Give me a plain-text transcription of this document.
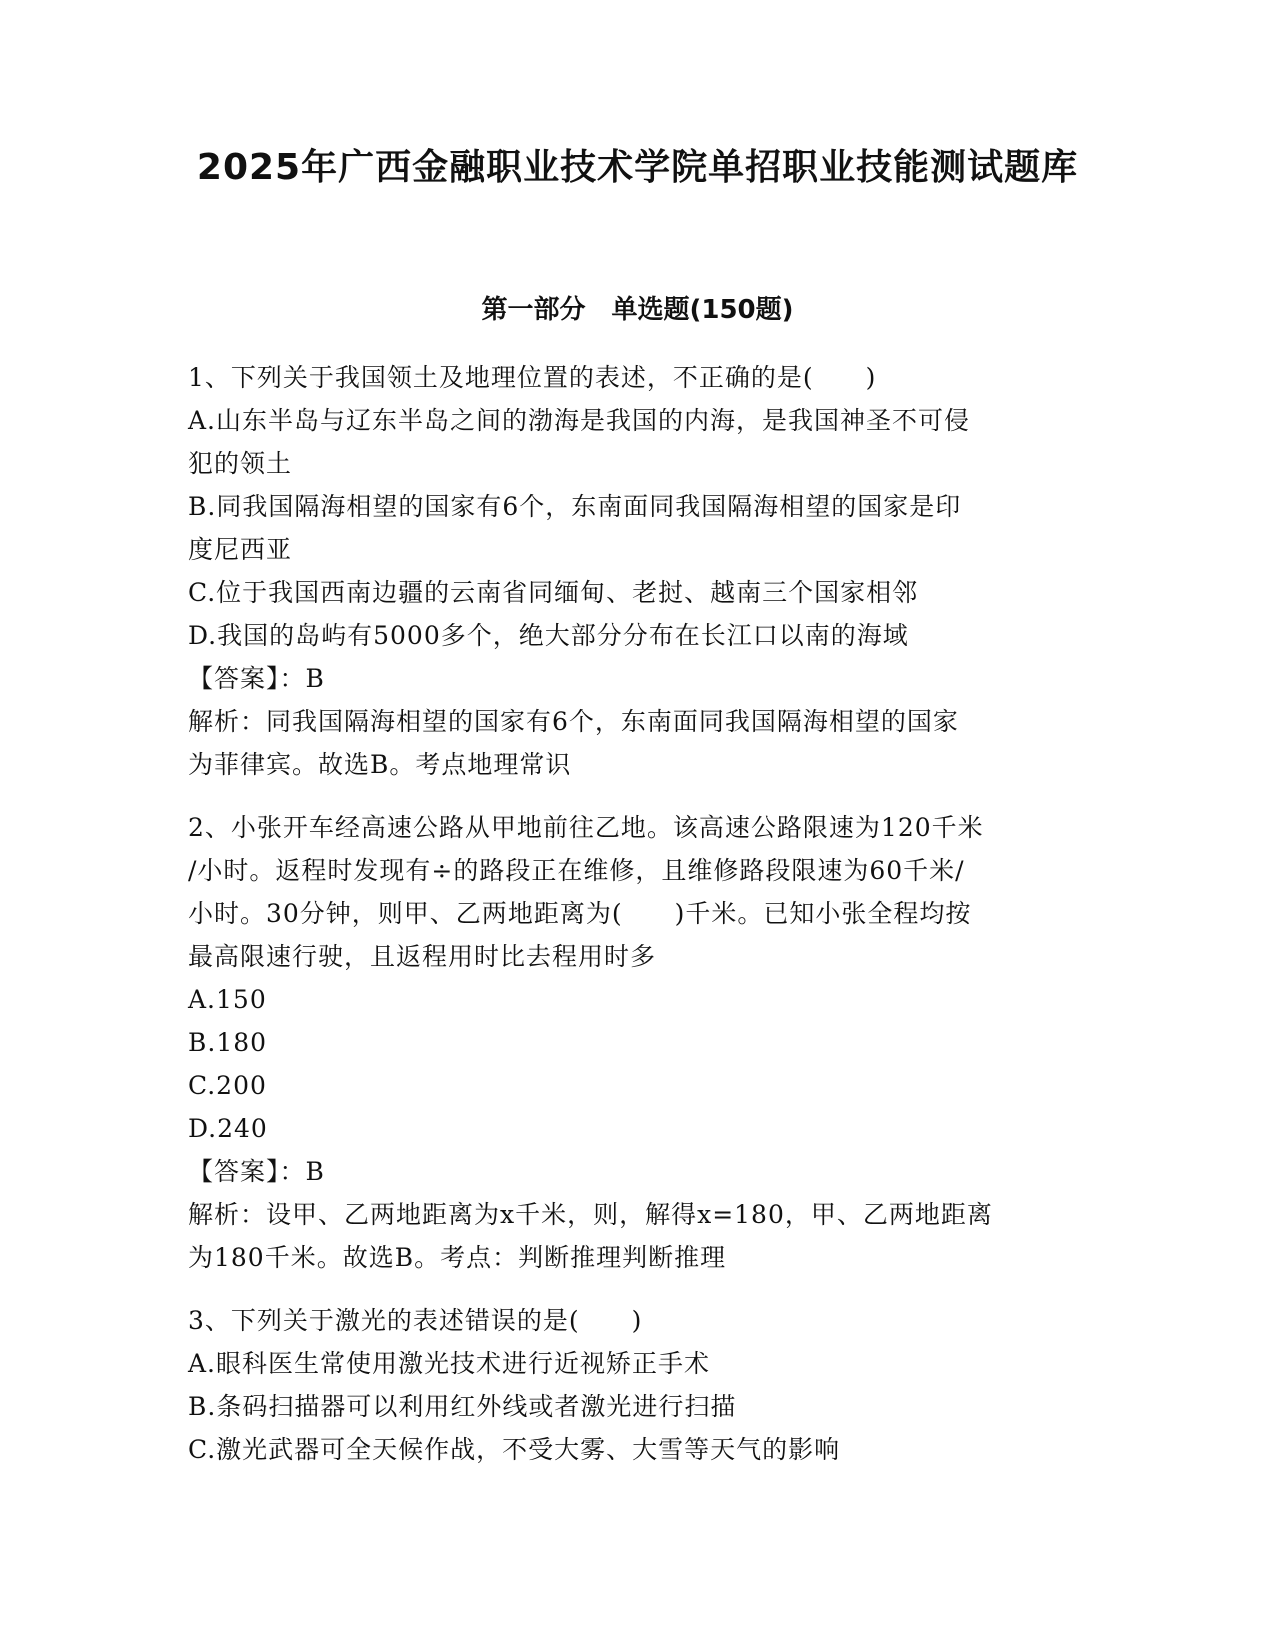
2025年广西金融职业技术学院单招职业技能测试题库
第一部分　单选题(150题)
1、下列关于我国领土及地理位置的表述，不正确的是(　　)
A.山东半岛与辽东半岛之间的渤海是我国的内海，是我国神圣不可侵
犯的领土
B.同我国隔海相望的国家有6个，东南面同我国隔海相望的国家是印
度尼西亚
C.位于我国西南边疆的云南省同缅甸、老挝、越南三个国家相邻
D.我国的岛屿有5000多个，绝大部分分布在长江口以南的海域
【答案】：B
解析：同我国隔海相望的国家有6个，东南面同我国隔海相望的国家
为菲律宾。故选B。考点地理常识
2、小张开车经高速公路从甲地前往乙地。该高速公路限速为120千米
/小时。返程时发现有÷的路段正在维修，且维修路段限速为60千米/
小时。30分钟，则甲、乙两地距离为(　　)千米。已知小张全程均按
最高限速行驶，且返程用时比去程用时多
A.150
B.180
C.200
D.240
【答案】：B
解析：设甲、乙两地距离为x千米，则，解得x=180，甲、乙两地距离
为180千米。故选B。考点：判断推理判断推理
3、下列关于激光的表述错误的是(　　)
A.眼科医生常使用激光技术进行近视矫正手术
B.条码扫描器可以利用红外线或者激光进行扫描
C.激光武器可全天候作战，不受大雾、大雪等天气的影响
